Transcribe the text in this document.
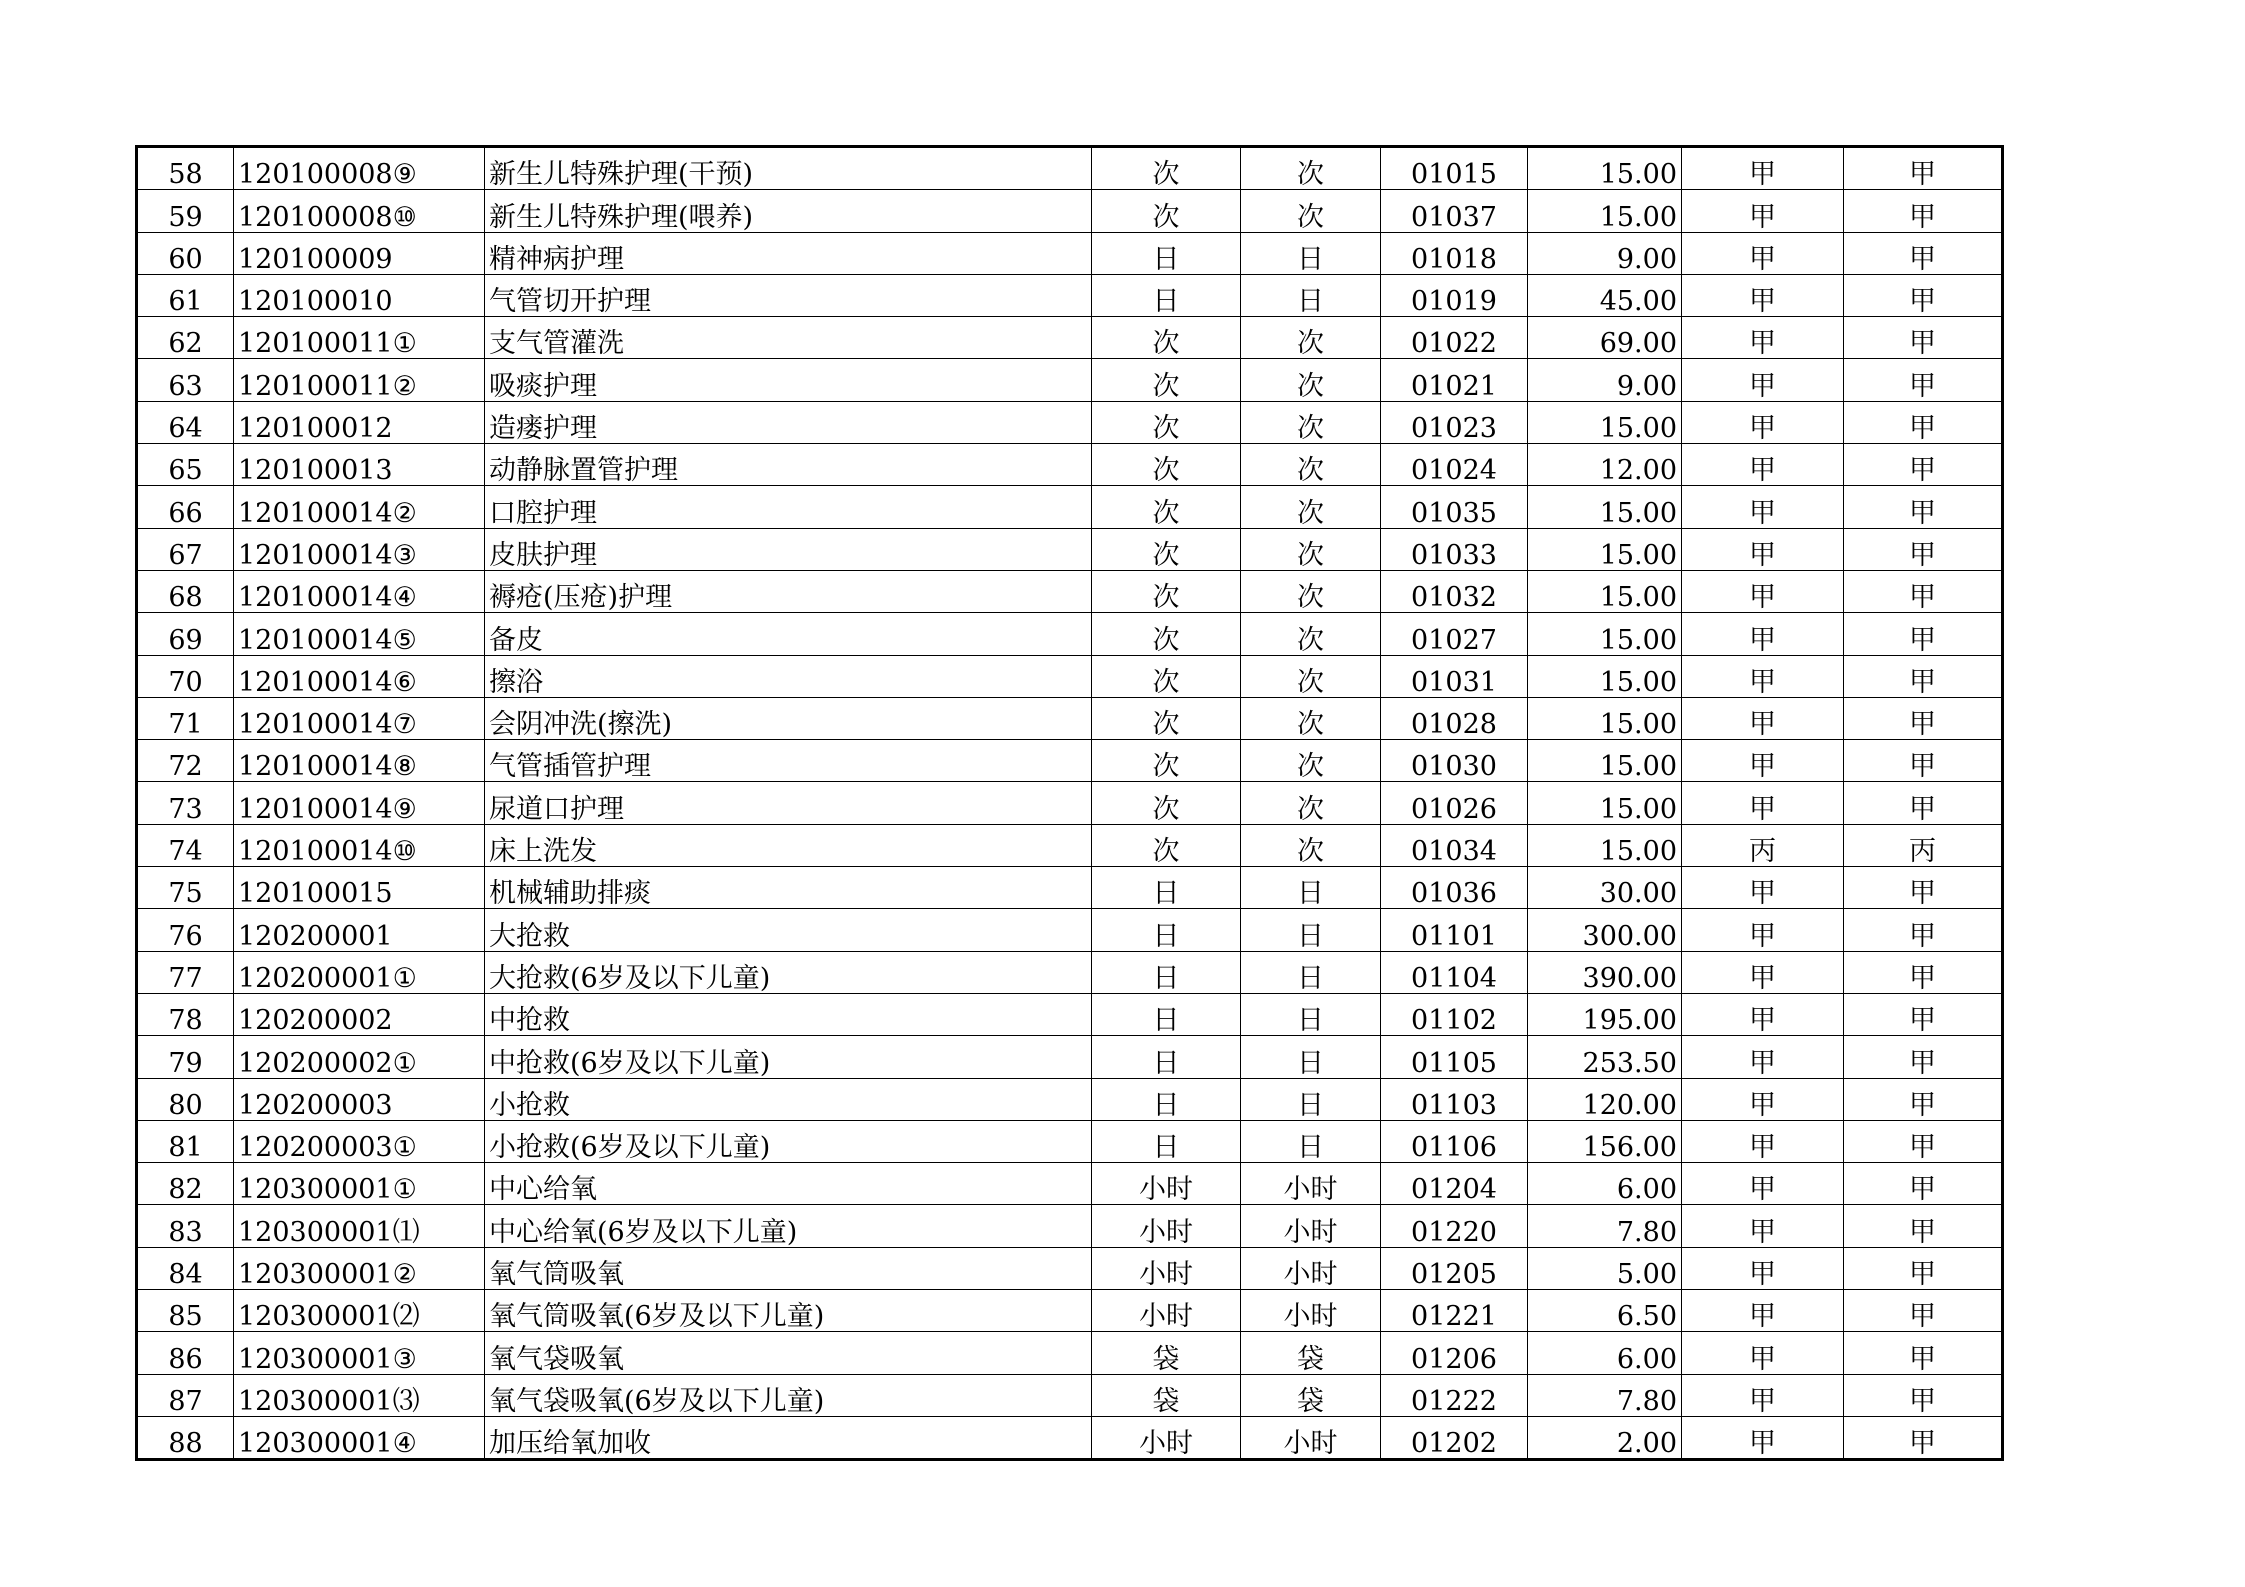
58	120100008⑨	新生儿特殊护理(干预)	次	次	01015	15.00	甲	甲
59	120100008⑩	新生儿特殊护理(喂养)	次	次	01037	15.00	甲	甲
60	120100009	精神病护理	日	日	01018	9.00	甲	甲
61	120100010	气管切开护理	日	日	01019	45.00	甲	甲
62	120100011①	支气管灌洗	次	次	01022	69.00	甲	甲
63	120100011②	吸痰护理	次	次	01021	9.00	甲	甲
64	120100012	造瘘护理	次	次	01023	15.00	甲	甲
65	120100013	动静脉置管护理	次	次	01024	12.00	甲	甲
66	120100014②	口腔护理	次	次	01035	15.00	甲	甲
67	120100014③	皮肤护理	次	次	01033	15.00	甲	甲
68	120100014④	褥疮(压疮)护理	次	次	01032	15.00	甲	甲
69	120100014⑤	备皮	次	次	01027	15.00	甲	甲
70	120100014⑥	擦浴	次	次	01031	15.00	甲	甲
71	120100014⑦	会阴冲洗(擦洗)	次	次	01028	15.00	甲	甲
72	120100014⑧	气管插管护理	次	次	01030	15.00	甲	甲
73	120100014⑨	尿道口护理	次	次	01026	15.00	甲	甲
74	120100014⑩	床上洗发	次	次	01034	15.00	丙	丙
75	120100015	机械辅助排痰	日	日	01036	30.00	甲	甲
76	120200001	大抢救	日	日	01101	300.00	甲	甲
77	120200001①	大抢救(6岁及以下儿童)	日	日	01104	390.00	甲	甲
78	120200002	中抢救	日	日	01102	195.00	甲	甲
79	120200002①	中抢救(6岁及以下儿童)	日	日	01105	253.50	甲	甲
80	120200003	小抢救	日	日	01103	120.00	甲	甲
81	120200003①	小抢救(6岁及以下儿童)	日	日	01106	156.00	甲	甲
82	120300001①	中心给氧	小时	小时	01204	6.00	甲	甲
83	120300001⑴	中心给氧(6岁及以下儿童)	小时	小时	01220	7.80	甲	甲
84	120300001②	氧气筒吸氧	小时	小时	01205	5.00	甲	甲
85	120300001⑵	氧气筒吸氧(6岁及以下儿童)	小时	小时	01221	6.50	甲	甲
86	120300001③	氧气袋吸氧	袋	袋	01206	6.00	甲	甲
87	120300001⑶	氧气袋吸氧(6岁及以下儿童)	袋	袋	01222	7.80	甲	甲
88	120300001④	加压给氧加收	小时	小时	01202	2.00	甲	甲
